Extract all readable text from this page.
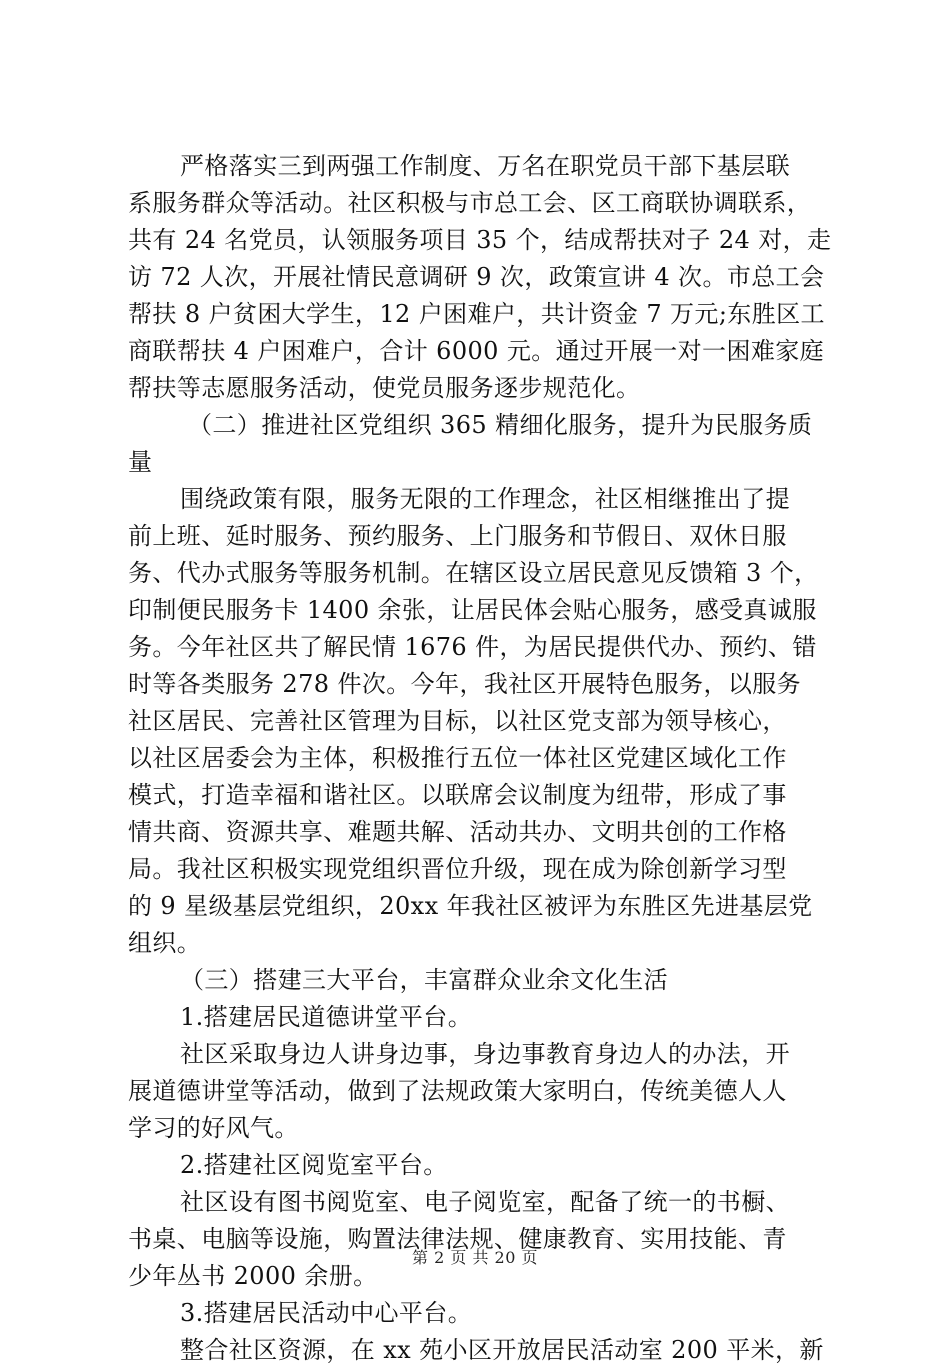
严格落实三到两强工作制度、万名在职党员干部下基层联
系服务群众等活动。社区积极与市总工会、区工商联协调联系，
共有 24 名党员，认领服务项目 35 个，结成帮扶对子 24 对，走
访 72 人次，开展社情民意调研 9 次，政策宣讲 4 次。市总工会
帮扶 8 户贫困大学生，12 户困难户，共计资金 7 万元;东胜区工
商联帮扶 4 户困难户，合计 6000 元。通过开展一对一困难家庭
帮扶等志愿服务活动，使党员服务逐步规范化。
（二）推进社区党组织 365 精细化服务，提升为民服务质
量
围绕政策有限，服务无限的工作理念，社区相继推出了提
前上班、延时服务、预约服务、上门服务和节假日、双休日服
务、代办式服务等服务机制。在辖区设立居民意见反馈箱 3 个，
印制便民服务卡 1400 余张，让居民体会贴心服务，感受真诚服
务。今年社区共了解民情 1676 件，为居民提供代办、预约、错
时等各类服务 278 件次。今年，我社区开展特色服务，以服务
社区居民、完善社区管理为目标，以社区党支部为领导核心，
以社区居委会为主体，积极推行五位一体社区党建区域化工作
模式，打造幸福和谐社区。以联席会议制度为纽带，形成了事
情共商、资源共享、难题共解、活动共办、文明共创的工作格
局。我社区积极实现党组织晋位升级，现在成为除创新学习型
的 9 星级基层党组织，20xx 年我社区被评为东胜区先进基层党
组织。
（三）搭建三大平台，丰富群众业余文化生活
1.搭建居民道德讲堂平台。
社区采取身边人讲身边事，身边事教育身边人的办法，开
展道德讲堂等活动，做到了法规政策大家明白，传统美德人人
学习的好风气。
2.搭建社区阅览室平台。
社区设有图书阅览室、电子阅览室，配备了统一的书橱、
书桌、电脑等设施，购置法律法规、健康教育、实用技能、青
少年丛书 2000 余册。
3.搭建居民活动中心平台。
整合社区资源，在 xx 苑小区开放居民活动室 200 平米，新
第 2 页 共 20 页
